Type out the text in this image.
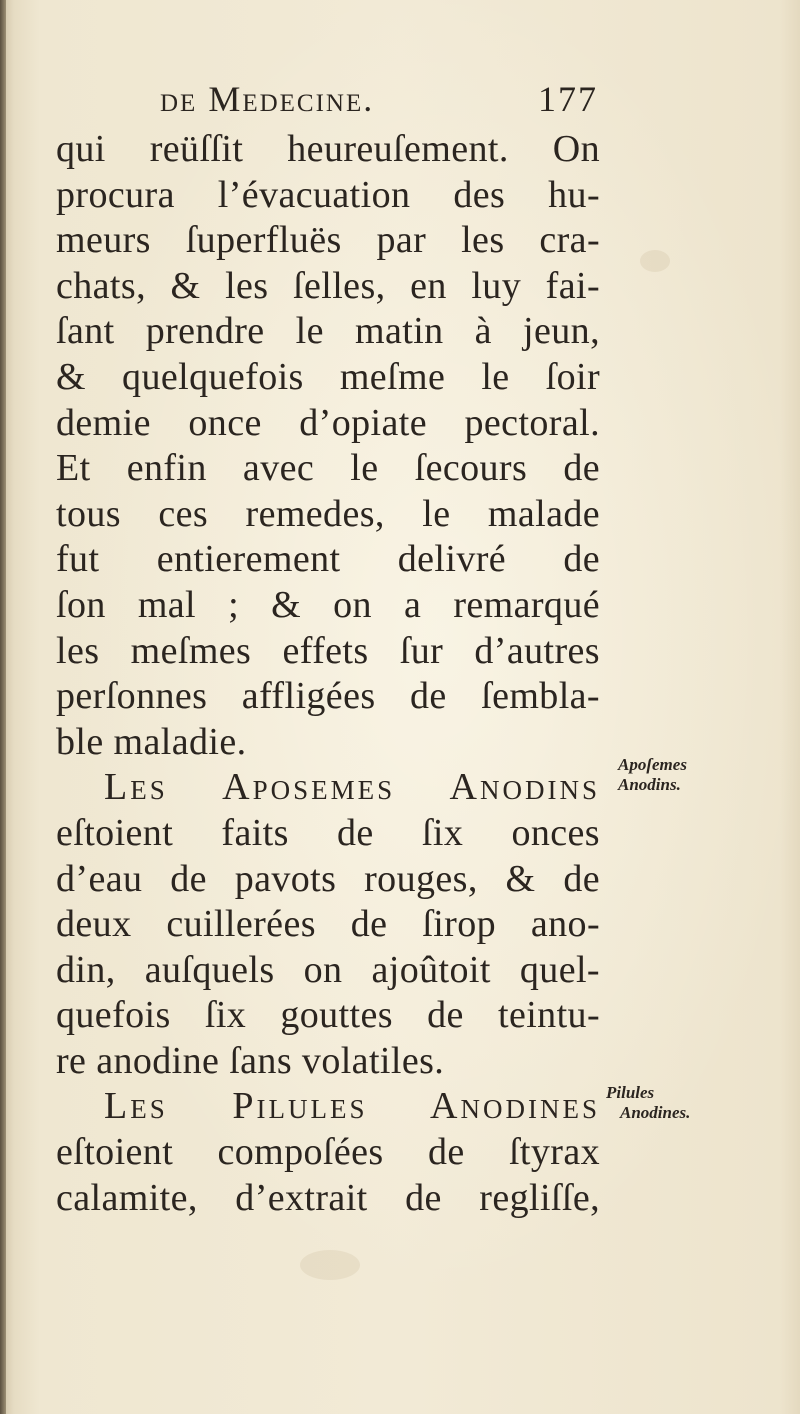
de Medecine.	177
qui reüſſit heureuſement. On
procura l’évacuation des hu-
meurs ſuperfluës par les cra-
chats, & les ſelles, en luy fai-
ſant prendre le matin à jeun,
& quelquefois meſme le ſoir
demie once d’opiate pectoral.
Et enfin avec le ſecours de
tous ces remedes, le malade
fut entierement delivré de
ſon mal ; & on a remarqué
les meſmes effets ſur d’autres
perſonnes affligées de ſembla-
ble maladie.
Les Aposemes Anodins
eſtoient faits de ſix onces
d’eau de pavots rouges, & de
deux cuillerées de ſirop ano-
din, auſquels on ajoûtoit quel-
quefois ſix gouttes de teintu-
re anodine ſans volatiles.
Les Pilules Anodines
eſtoient compoſées de ſtyrax
calamite, d’extrait de regliſſe,
Apoſemes
Anodins.
Pilules
Anodines.
